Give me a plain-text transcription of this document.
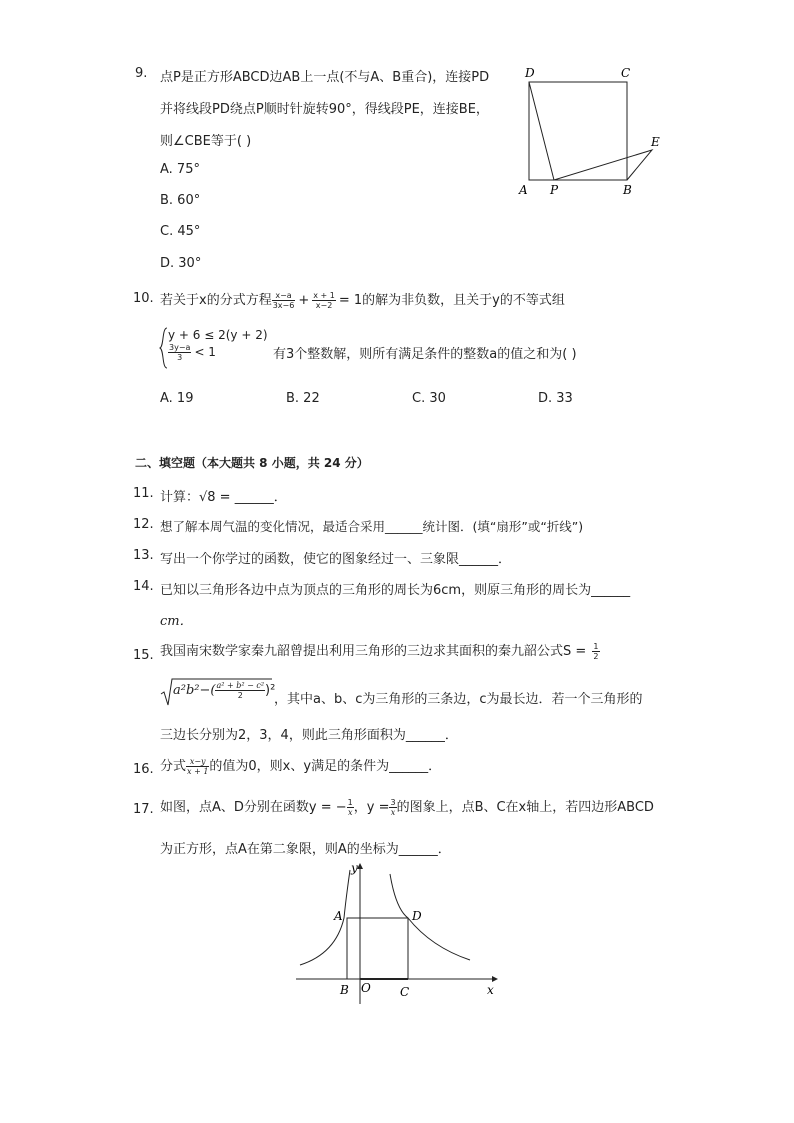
9. 点P是正方形ABCD边AB上一点(不与A、B重合)，连接PD
并将线段PD绕点P顺时针旋转90°，得线段PE，连接BE，
则∠CBE等于( )
A. 75°
B. 60°
C. 45°
D. 30°
D	C
E
A P	B
10. 若关于x的分式方程 $\frac{x-a}{3x-6} + \frac{x + 1}{x-2} = 1$的解为非负数，且关于y的不等式组
y + 6 ≤ 2(y + 2)
$\frac{3y-a}{3} < 1$	有3个整数解，则所有满足条件的整数a的值之和为( )
A. 19	B. 22	C. 30	D. 33
二、填空题（本大题共 8 小题，共 24 分）
11. 计算：√8 = ______．
12. 想了解本周气温的变化情况，最适合采用______统计图．(填“扇形”或“折线”)
13. 写出一个你学过的函数，使它的图象经过一、三象限______．
14. 已知以三角形各边中点为顶点的三角形的周长为6cm，则原三角形的周长为______
cm．
15. 我国南宋数学家秦九韶曾提出利用三角形的三边求其面积的秦九韶公式$S = \frac{1}{2}$
$a^2b^2-( \frac{\text{a² + b² − c²}}{2} )^2$
，其中a、b、c为三角形的三条边，c为最长边．若一个三角形的
三边长分别为2，3，4，则此三角形面积为______．
16. 分式 $\frac{x-y}{x + 1}$ 的值为0，则x、y满足的条件为______．
17. 如图，点A、D分别在函数y = − $\frac{1}{x}$ ，$y = \frac{3}{x}$ 的图象上，点B、C在x轴上，若四边形ABCD
为正方形，点A在第二象限，则A的坐标为______．
y
A	D
B O C	x
